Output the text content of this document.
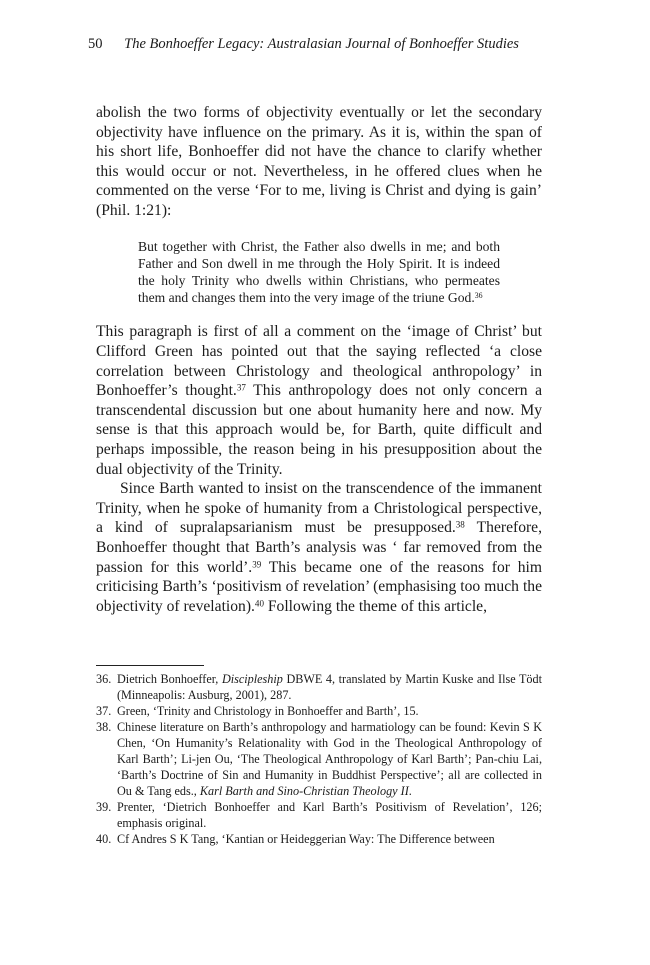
50 The Bonhoeffer Legacy: Australasian Journal of Bonhoeffer Studies

abolish the two forms of objectivity eventually or let the secondary objectivity have influence on the primary. As it is, within the span of his short life, Bonhoeffer did not have the chance to clarify whether this would occur or not. Nevertheless, in he offered clues when he commented on the verse ‘For to me, living is Christ and dying is gain’ (Phil. 1:21):

But together with Christ, the Father also dwells in me; and both Father and Son dwell in me through the Holy Spirit. It is indeed the holy Trinity who dwells within Christians, who permeates them and changes them into the very image of the triune God.$^{36}$

This paragraph is first of all a comment on the ‘image of Christ’ but Clifford Green has pointed out that the saying reflected ‘a close correlation between Christology and theological anthropology’ in Bonhoeffer’s thought.$^{37}$ This anthropology does not only concern a transcendental discussion but one about humanity here and now. My sense is that this approach would be, for Barth, quite difficult and perhaps impossible, the reason being in his presupposition about the dual objectivity of the Trinity.

Since Barth wanted to insist on the transcendence of the immanent Trinity, when he spoke of humanity from a Christological perspective, a kind of supralapsarianism must be presupposed.$^{38}$ Therefore, Bonhoeffer thought that Barth’s analysis was ‘ far removed from the passion for this world’.$^{39}$ This became one of the reasons for him criticising Barth’s ‘positivism of revelation’ (emphasising too much the objectivity of revelation).$^{40}$ Following the theme of this article,

36. Dietrich Bonhoeffer, Discipleship DBWE 4, translated by Martin Kuske and Ilse Tödt (Minneapolis: Ausburg, 2001), 287.
37. Green, ‘Trinity and Christology in Bonhoeffer and Barth’, 15.
38. Chinese literature on Barth’s anthropology and harmatiology can be found: Kevin S K Chen, ‘On Humanity’s Relationality with God in the Theological Anthropology of Karl Barth’; Li-jen Ou, ‘The Theological Anthropology of Karl Barth’; Pan-chiu Lai, ‘Barth’s Doctrine of Sin and Humanity in Buddhist Perspective’; all are collected in Ou & Tang eds., Karl Barth and Sino-Christian Theology II.
39. Prenter, ‘Dietrich Bonhoeffer and Karl Barth’s Positivism of Revelation’, 126; emphasis original.
40. Cf Andres S K Tang, ‘Kantian or Heideggerian Way: The Difference between
